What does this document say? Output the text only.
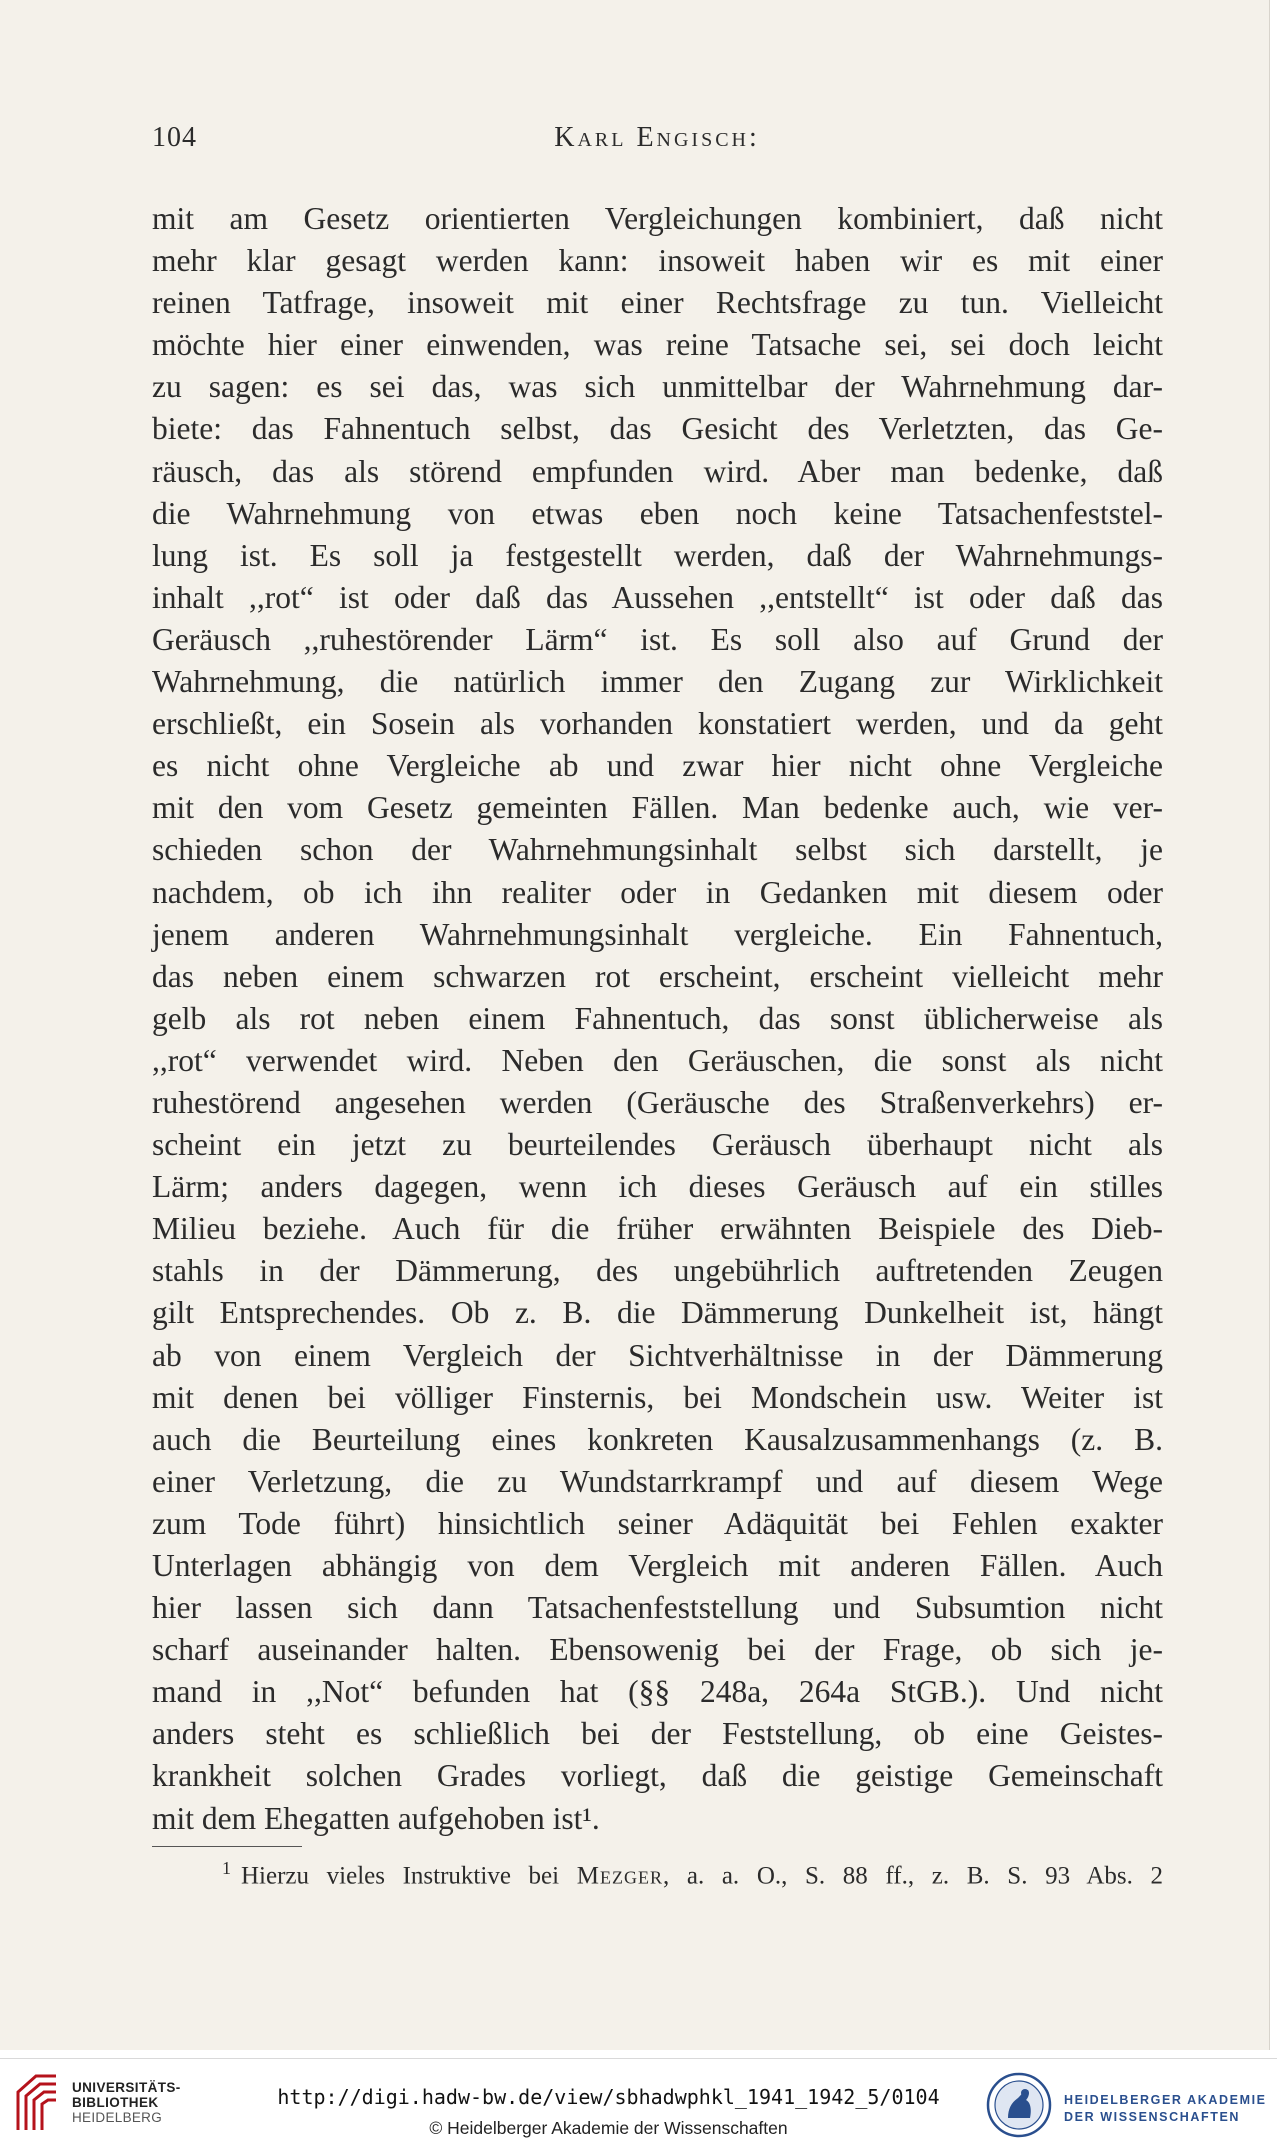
104	Karl Engisch:
mit am Gesetz orientierten Vergleichungen kombiniert, daß nicht
mehr klar gesagt werden kann: insoweit haben wir es mit einer
reinen Tatfrage, insoweit mit einer Rechtsfrage zu tun. Vielleicht
möchte hier einer einwenden, was reine Tatsache sei, sei doch leicht
zu sagen: es sei das, was sich unmittelbar der Wahrnehmung dar-
biete: das Fahnentuch selbst, das Gesicht des Verletzten, das Ge-
räusch, das als störend empfunden wird. Aber man bedenke, daß
die Wahrnehmung von etwas eben noch keine Tatsachenfeststel-
lung ist. Es soll ja festgestellt werden, daß der Wahrnehmungs-
inhalt ,,rot“ ist oder daß das Aussehen ,,entstellt“ ist oder daß das
Geräusch ,,ruhestörender Lärm“ ist. Es soll also auf Grund der
Wahrnehmung, die natürlich immer den Zugang zur Wirklichkeit
erschließt, ein Sosein als vorhanden konstatiert werden, und da geht
es nicht ohne Vergleiche ab und zwar hier nicht ohne Vergleiche
mit den vom Gesetz gemeinten Fällen. Man bedenke auch, wie ver-
schieden schon der Wahrnehmungsinhalt selbst sich darstellt, je
nachdem, ob ich ihn realiter oder in Gedanken mit diesem oder
jenem anderen Wahrnehmungsinhalt vergleiche. Ein Fahnentuch,
das neben einem schwarzen rot erscheint, erscheint vielleicht mehr
gelb als rot neben einem Fahnentuch, das sonst üblicherweise als
,,rot“ verwendet wird. Neben den Geräuschen, die sonst als nicht
ruhestörend angesehen werden (Geräusche des Straßenverkehrs) er-
scheint ein jetzt zu beurteilendes Geräusch überhaupt nicht als
Lärm; anders dagegen, wenn ich dieses Geräusch auf ein stilles
Milieu beziehe. Auch für die früher erwähnten Beispiele des Dieb-
stahls in der Dämmerung, des ungebührlich auftretenden Zeugen
gilt Entsprechendes. Ob z. B. die Dämmerung Dunkelheit ist, hängt
ab von einem Vergleich der Sichtverhältnisse in der Dämmerung
mit denen bei völliger Finsternis, bei Mondschein usw. Weiter ist
auch die Beurteilung eines konkreten Kausalzusammenhangs (z. B.
einer Verletzung, die zu Wundstarrkrampf und auf diesem Wege
zum Tode führt) hinsichtlich seiner Adäquität bei Fehlen exakter
Unterlagen abhängig von dem Vergleich mit anderen Fällen. Auch
hier lassen sich dann Tatsachenfeststellung und Subsumtion nicht
scharf auseinander halten. Ebensowenig bei der Frage, ob sich je-
mand in ,,Not“ befunden hat (§§ 248a, 264a StGB.). Und nicht
anders steht es schließlich bei der Feststellung, ob eine Geistes-
krankheit solchen Grades vorliegt, daß die geistige Gemeinschaft
mit dem Ehegatten aufgehoben ist¹.
$^1$ Hierzu vieles Instruktive bei Mezger, a. a. O., S. 88 ff., z. B. S. 93 Abs. 2
UNIVERSITÄTS-
BIBLIOTHEK
HEIDELBERG
http://digi.hadw-bw.de/view/sbhadwphkl_1941_1942_5/0104
© Heidelberger Akademie der Wissenschaften
HEIDELBERGER AKADEMIE
DER WISSENSCHAFTEN
